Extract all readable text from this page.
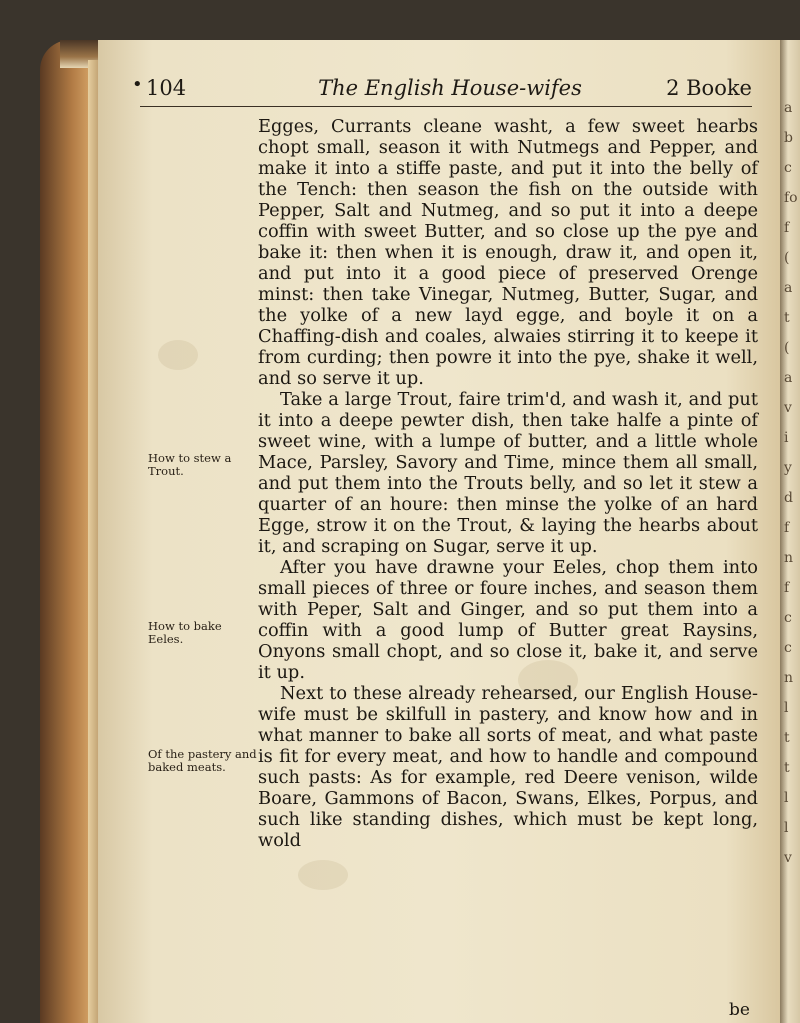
a
b
c
fo
f
(
a
t
(
a
v
i
y
d
f
n
f
c
c
n
l
t
t
l
l
v
• 104	The English House-wifes	2 Booke

Egges, Currants cleane washt, a few sweet hearbs chopt small, season it with Nutmegs and Pepper, and make it into a stiffe paste, and put it into the belly of the Tench: then season the fish on the outside with Pepper, Salt and Nutmeg, and so put it into a deepe coffin with sweet Butter, and so close up the pye and bake it: then when it is enough, draw it, and open it, and put into it a good piece of preserved Orenge minst: then take Vinegar, Nutmeg, Butter, Sugar, and the yolke of a new layd egge, and boyle it on a Chaffing-dish and coales, alwaies stirring it to keepe it from curding; then powre it into the pye, shake it well, and so serve it up.

Take a large Trout, faire trim'd, and wash it, and put it into a deepe pewter dish, then take halfe a pinte of sweet wine, with a lumpe of butter, and a little whole Mace, Parsley, Savory and Time, mince them all small, and put them into the Trouts belly, and so let it stew a quarter of an houre: then minse the yolke of an hard Egge, strow it on the Trout, & laying the hearbs about it, and scraping on Sugar, serve it up.

After you have drawne your Eeles, chop them into small pieces of three or foure inches, and season them with Peper, Salt and Ginger, and so put them into a coffin with a good lump of Butter great Raysins, Onyons small chopt, and so close it, bake it, and serve it up.

Next to these already rehearsed, our English House-wife must be skilfull in pastery, and know how and in what manner to bake all sorts of meat, and what paste is fit for every meat, and how to handle and compound such pasts: As for example, red Deere venison, wilde Boare, Gammons of Bacon, Swans, Elkes, Porpus, and such like standing dishes, which must be kept long, wold

How to stew a Trout.
How to bake Eeles.
Of the pastery and baked meats.
be
